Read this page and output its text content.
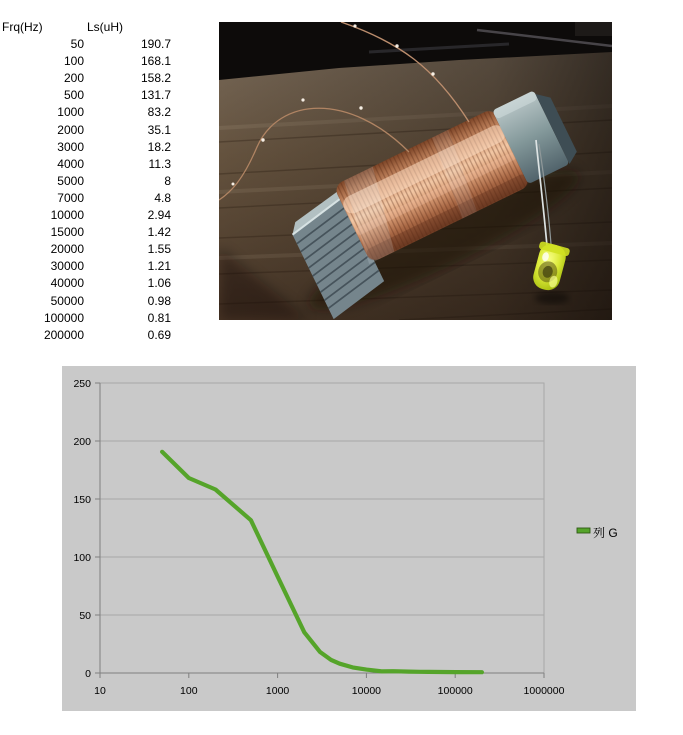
Frq(Hz)	Ls(uH)
50	190.7
100	168.1
200	158.2
500	131.7
1000	83.2
2000	35.1
3000	18.2
4000	11.3
5000	8
7000	4.8
10000	2.94
15000	1.42
20000	1.55
30000	1.21
40000	1.06
50000	0.98
100000	0.81
200000	0.69
0
50
100
150
200
250
10	100	1000	10000	100000	1000000
列 G
